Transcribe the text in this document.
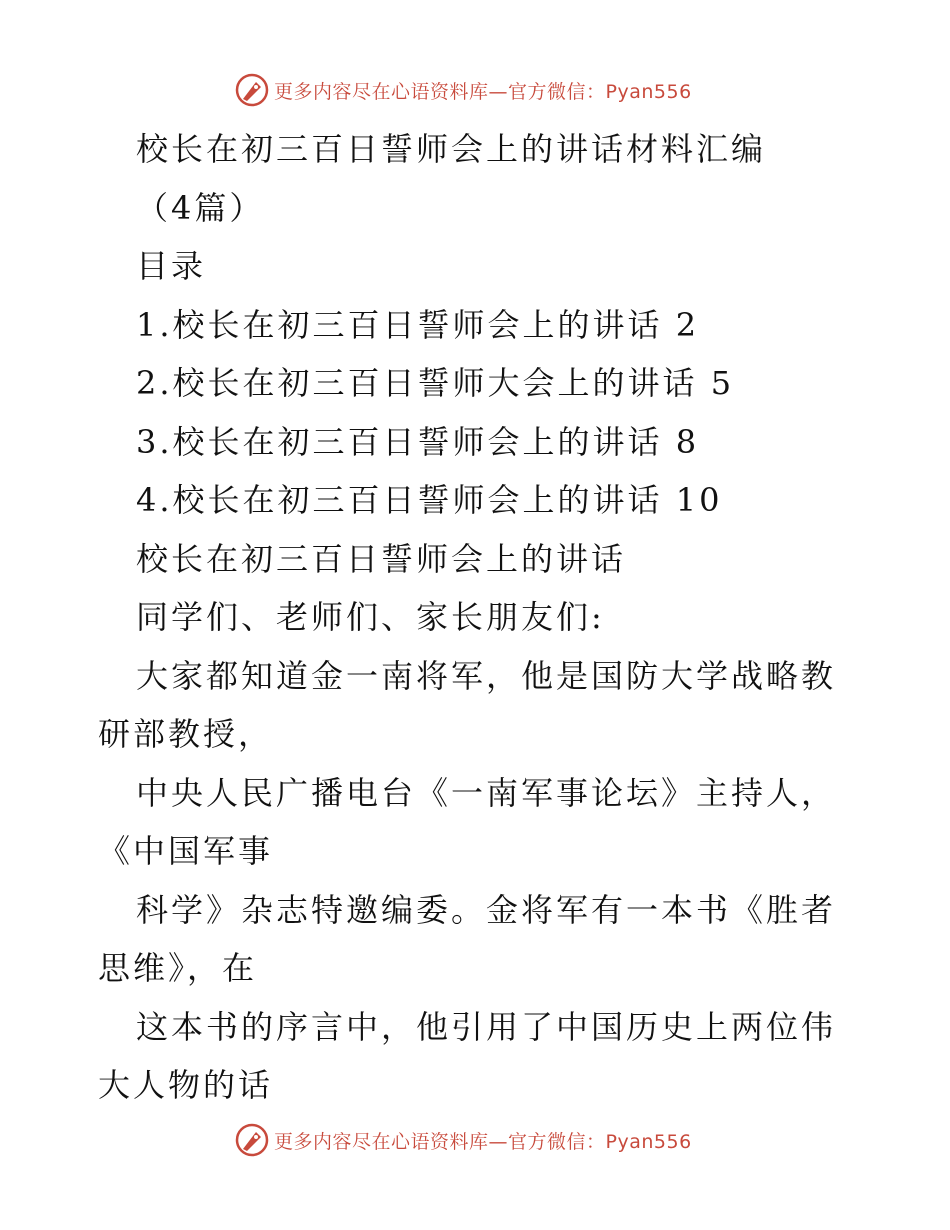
更多内容尽在心语资料库—官方微信：Pyan556

校长在初三百日誓师会上的讲话材料汇编

（4篇）

目录

1.校长在初三百日誓师会上的讲话 2

2.校长在初三百日誓师大会上的讲话 5

3.校长在初三百日誓师会上的讲话 8

4.校长在初三百日誓师会上的讲话 10

校长在初三百日誓师会上的讲话

同学们、老师们、家长朋友们:

大家都知道金一南将军，他是国防大学战略教研部教授，

中央人民广播电台《一南军事论坛》主持人，

《中国军事

科学》杂志特邀编委。金将军有一本书《胜者思维》，在

这本书的序言中，他引用了中国历史上两位伟大人物的话

更多内容尽在心语资料库—官方微信：Pyan556
